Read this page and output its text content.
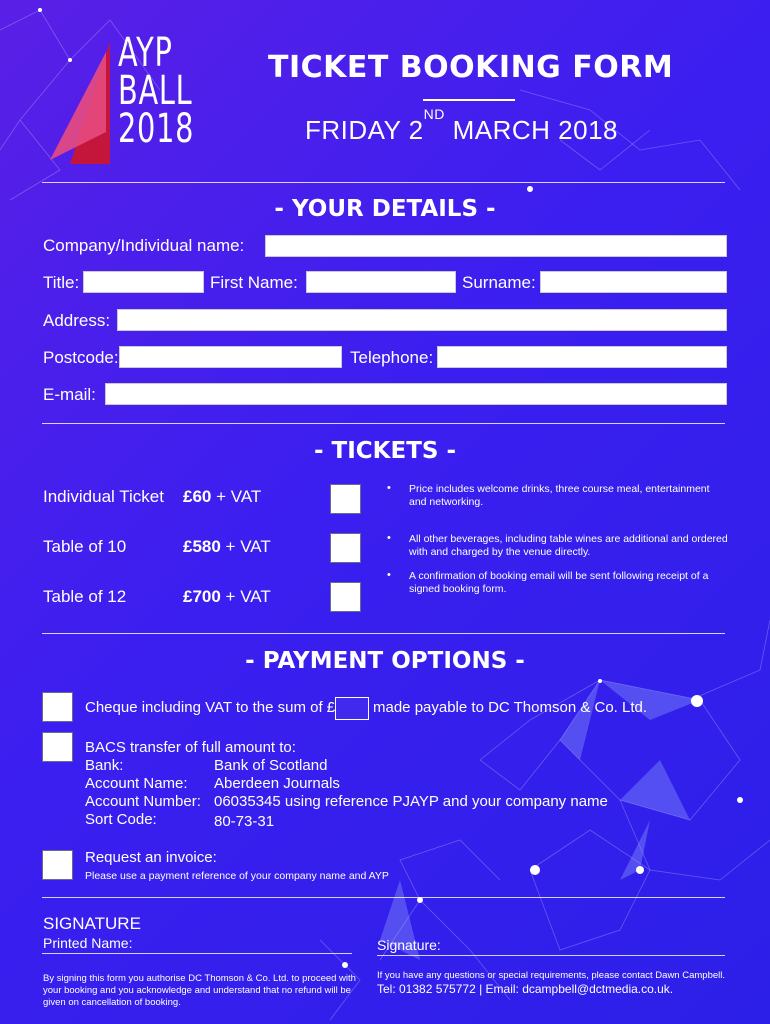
AYP
BALL
2018
TICKET BOOKING FORM
FRIDAY 2ND MARCH 2018
- YOUR DETAILS -
Company/Individual name:
Title:	First Name:	Surname:
Address:
Postcode:	Telephone:
E-mail:
- TICKETS -
Individual Ticket £60 + VAT
Table of 10	£580 + VAT
Table of 12	£700 + VAT
• Price includes welcome drinks, three course meal, entertainment and networking.
• All other beverages, including table wines are additional and ordered with and charged by the venue directly.
• A confirmation of booking email will be sent following receipt of a signed booking form.
- PAYMENT OPTIONS -
Cheque including VAT to the sum of £	made payable to DC Thomson & Co. Ltd.
BACS transfer of full amount to:
Bank:	Bank of Scotland
Account Name: Aberdeen Journals
Account Number: 06035345 using reference PJAYP and your company name
Sort Code:	80-73-31
Request an invoice:
Please use a payment reference of your company name and AYP
SIGNATURE
Printed Name:	Signature:
By signing this form you authorise DC Thomson & Co. Ltd. to proceed with your booking and you acknowledge and understand that no refund will be given on cancellation of booking.
If you have any questions or special requirements, please contact Dawn Campbell.
Tel: 01382 575772 | Email: dcampbell@dctmedia.co.uk.
